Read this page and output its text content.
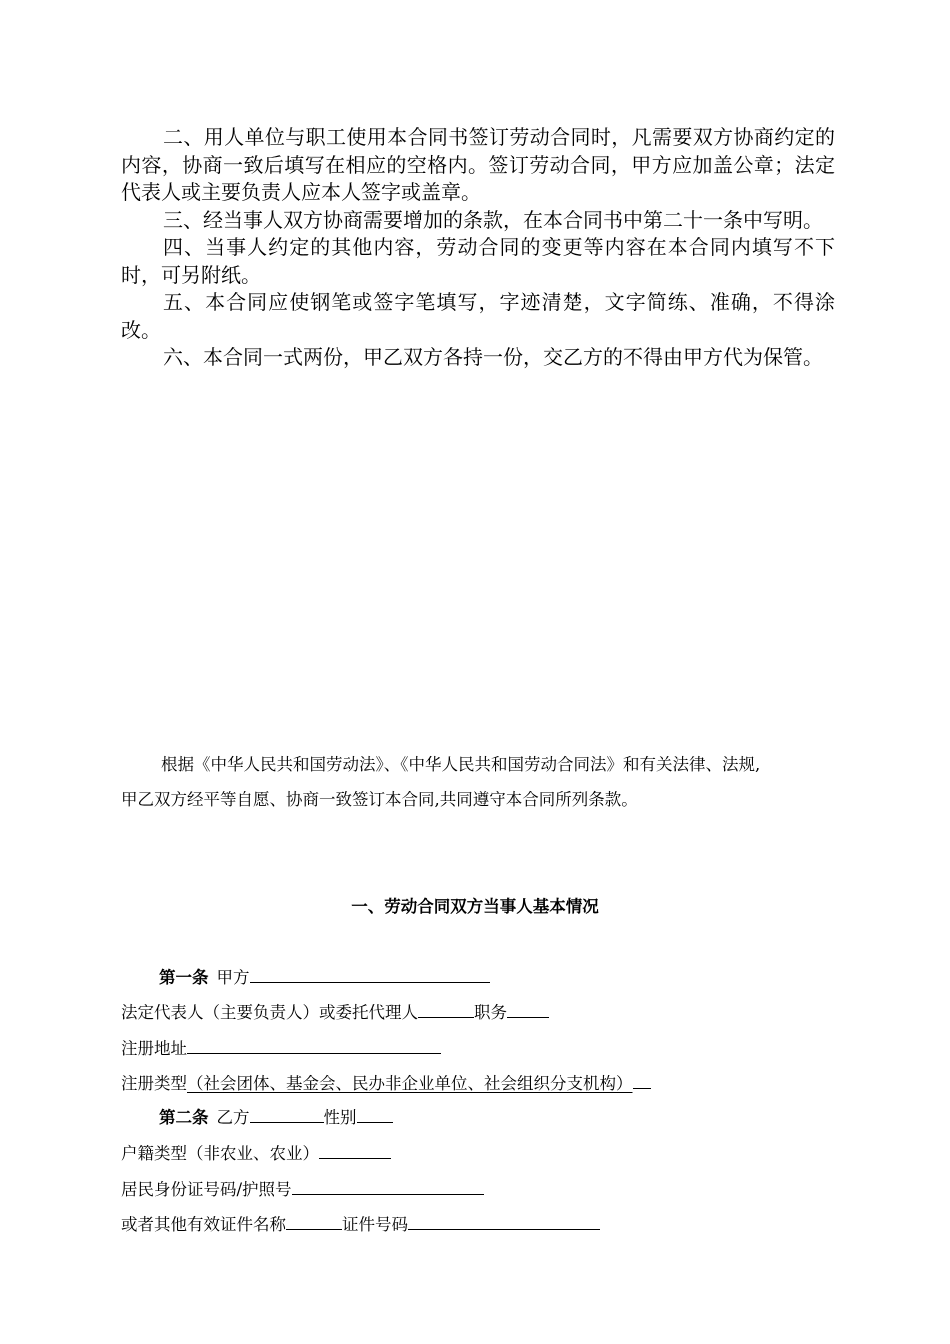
二、用人单位与职工使用本合同书签订劳动合同时，凡需要双方协商约定的内容，协商一致后填写在相应的空格内。签订劳动合同，甲方应加盖公章；法定代表人或主要负责人应本人签字或盖章。

三、经当事人双方协商需要增加的条款，在本合同书中第二十一条中写明。

四、当事人约定的其他内容，劳动合同的变更等内容在本合同内填写不下时，可另附纸。

五、本合同应使钢笔或签字笔填写，字迹清楚，文字简练、准确，不得涂改。

六、本合同一式两份，甲乙双方各持一份，交乙方的不得由甲方代为保管。

根据《中华人民共和国劳动法》、《中华人民共和国劳动合同法》和有关法律、法规,

甲乙双方经平等自愿、协商一致签订本合同,共同遵守本合同所列条款。
一、劳动合同双方当事人基本情况
第一条 甲方
法定代表人（主要负责人）或委托代理人	职务
注册地址
注册类型（社会团体、基金会、民办非企业单位、社会组织分支机构）
第二条 乙方	性别
户籍类型（非农业、农业）
居民身份证号码/护照号
或者其他有效证件名称	证件号码
